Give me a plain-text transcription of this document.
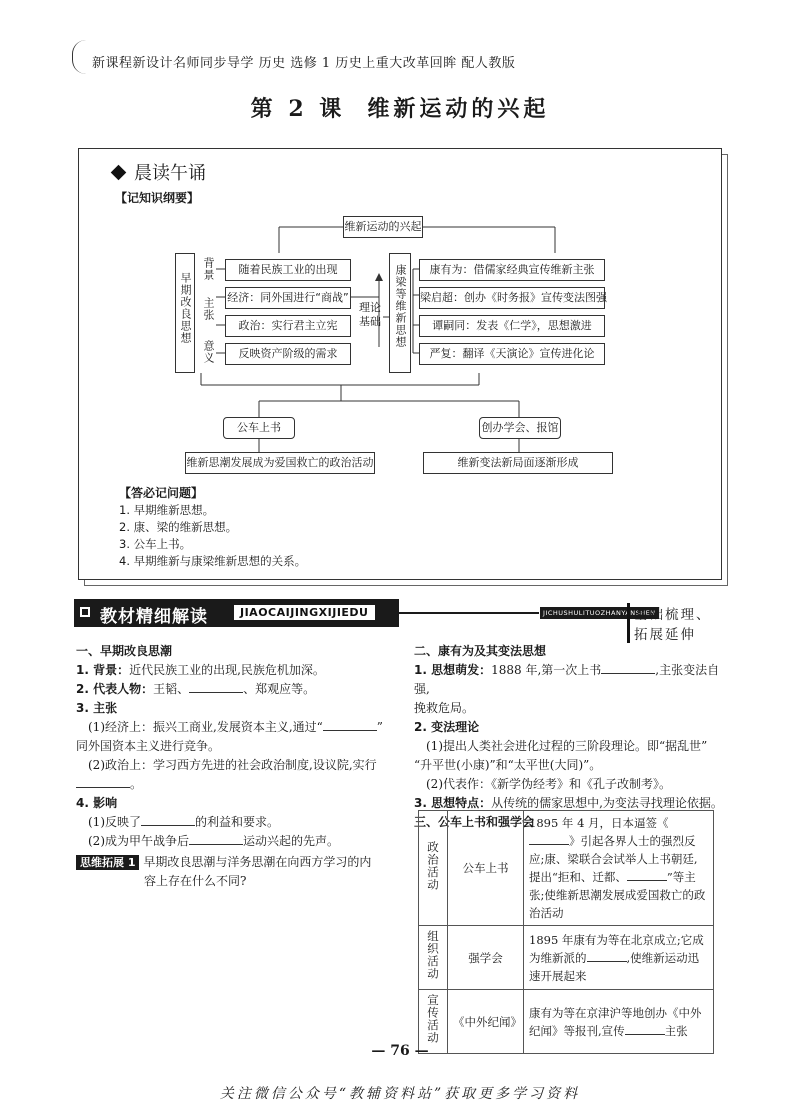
新课程新设计名师同步导学 历史 选修 1 历史上重大改革回眸 配人教版
第 2 课 维新运动的兴起
晨读午诵
【记知识纲要】
维新运动的兴起
早期改良思想
背景
主张
意义
随着民族工业的出现
经济：同外国进行“商战”
政治：实行君主立宪
反映资产阶级的需求
理论
基础 康梁等维新思想	康有为：借儒家经典宣传维新主张
梁启超：创办《时务报》宣传变法图强
谭嗣同：发表《仁学》，思想激进
严复：翻译《天演论》宣传进化论
公车上书	创办学会、报馆
维新思潮发展成为爱国救亡的政治活动	维新变法新局面逐渐形成
【答必记问题】
1. 早期维新思想。
2. 康、梁的维新思想。
3. 公车上书。
4. 早期维新与康梁维新思想的关系。
教材精细解读	JIAOCAIJINGXIJIEDU	JICHUSHULITUOZHANYANSHEN
基础梳理、拓展延伸

一、早期改良思潮

1. 背景：近代民族工业的出现,民族危机加深。

2. 代表人物：王韬、	、郑观应等。

3. 主张

(1)经济上：振兴工商业,发展资本主义,通过“	”

同外国资本主义进行竞争。

(2)政治上：学习西方先进的社会政治制度,设议院,实行

。

4. 影响

(1)反映了	的利益和要求。

(2)成为甲午战争后	运动兴起的先声。

思维拓展 1 早期改良思潮与洋务思潮在向西方学习的内

容上存在什么不同?

二、康有为及其变法思想

1. 思想萌发：1888 年,第一次上书	,主张变法自强,

挽救危局。

2. 变法理论

(1)提出人类社会进化过程的三阶段理论。即“据乱世”

“升平世(小康)”和“太平世(大同)”。

(2)代表作：《新学伪经考》和《孔子改制考》。

3. 思想特点：从传统的儒家思想中,为变法寻找理论依据。

三、公车上书和强学会

政治活动	公车上书	1895 年 4 月，日本逼签《》引起各界人士的强烈反应;康、梁联合会试举人上书朝廷,提出“拒和、迁都、 ”等主张;使维新思潮发展成爱国救亡的政治活动
组织活动	强学会	1895 年康有为等在北京成立;它成为维新派的 ,使维新运动迅速开展起来
宣传活动	《中外纪闻》	康有为等在京津沪等地创办《中外纪闻》等报刊,宣传 主张
— 76 —
关注微信公众号“教辅资料站”获取更多学习资料
